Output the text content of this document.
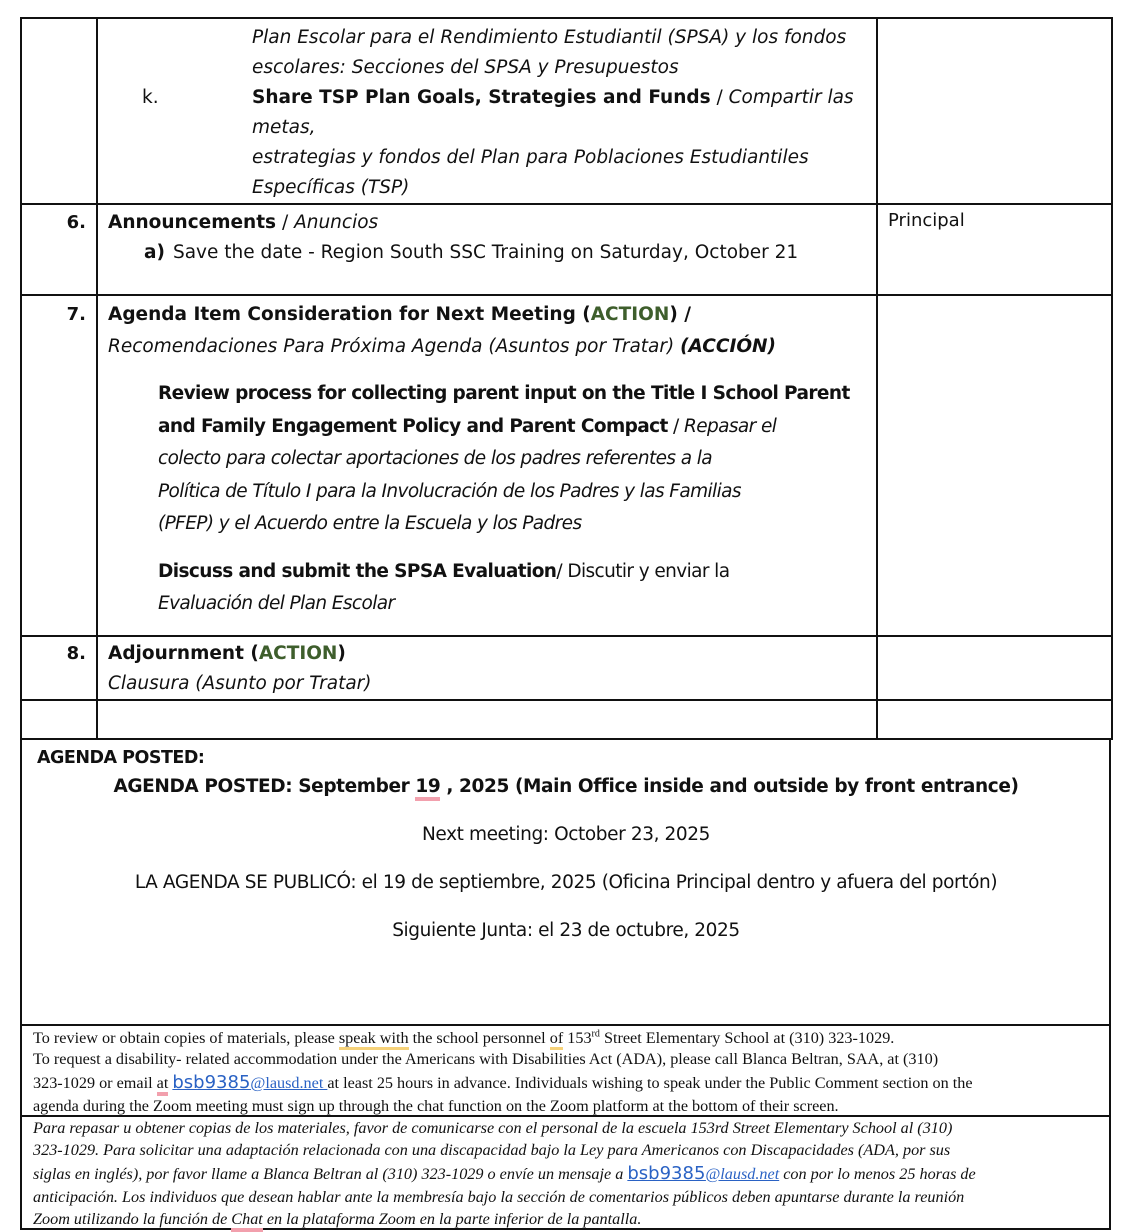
Plan Escolar para el Rendimiento Estudiantil (SPSA) y los fondos
escolares: Secciones del SPSA y Presupuestos
k.	Share TSP Plan Goals, Strategies and Funds / Compartir las metas,
estrategias y fondos del Plan para Poblaciones Estudiantiles
Específicas (TSP)

6.	Announcements / Anuncios
a) Save the date - Region South SSC Training on Saturday, October 21	Principal
7.	Agenda Item Consideration for Next Meeting (ACTION) /
Recomendaciones Para Próxima Agenda (Asuntos por Tratar) (ACCIÓN)
Review process for collecting parent input on the Title I School Parent
and Family Engagement Policy and Parent Compact / Repasar el
colecto para colectar aportaciones de los padres referentes a la
Política de Título I para la Involucración de los Padres y las Familias
(PFEP) y el Acuerdo entre la Escuela y los Padres
Discuss and submit the SPSA Evaluation/ Discutir y enviar la
Evaluación del Plan Escolar

8.	Adjournment (ACTION)
Clausura (Asunto por Tratar)	

AGENDA POSTED:
AGENDA POSTED: September 19 , 2025 (Main Office inside and outside by front entrance)
Next meeting: October 23, 2025
LA AGENDA SE PUBLICÓ: el 19 de septiembre, 2025 (Oficina Principal dentro y afuera del portón)
Siguiente Junta: el 23 de octubre, 2025
To review or obtain copies of materials, please speak with the school personnel of 153rd Street Elementary School at (310) 323-1029.
To request a disability- related accommodation under the Americans with Disabilities Act (ADA), please call Blanca Beltran, SAA, at (310)
323-1029 or email at bsb9385@lausd.net at least 25 hours in advance. Individuals wishing to speak under the Public Comment section on the
agenda during the Zoom meeting must sign up through the chat function on the Zoom platform at the bottom of their screen.
Para repasar u obtener copias de los materiales, favor de comunicarse con el personal de la escuela 153rd Street Elementary School al (310)
323-1029. Para solicitar una adaptación relacionada con una discapacidad bajo la Ley para Americanos con Discapacidades (ADA, por sus
siglas en inglés), por favor llame a Blanca Beltran al (310) 323-1029 o envíe un mensaje a bsb9385@lausd.net con por lo menos 25 horas de
anticipación. Los individuos que desean hablar ante la membresía bajo la sección de comentarios públicos deben apuntarse durante la reunión
Zoom utilizando la función de Chat en la plataforma Zoom en la parte inferior de la pantalla.
